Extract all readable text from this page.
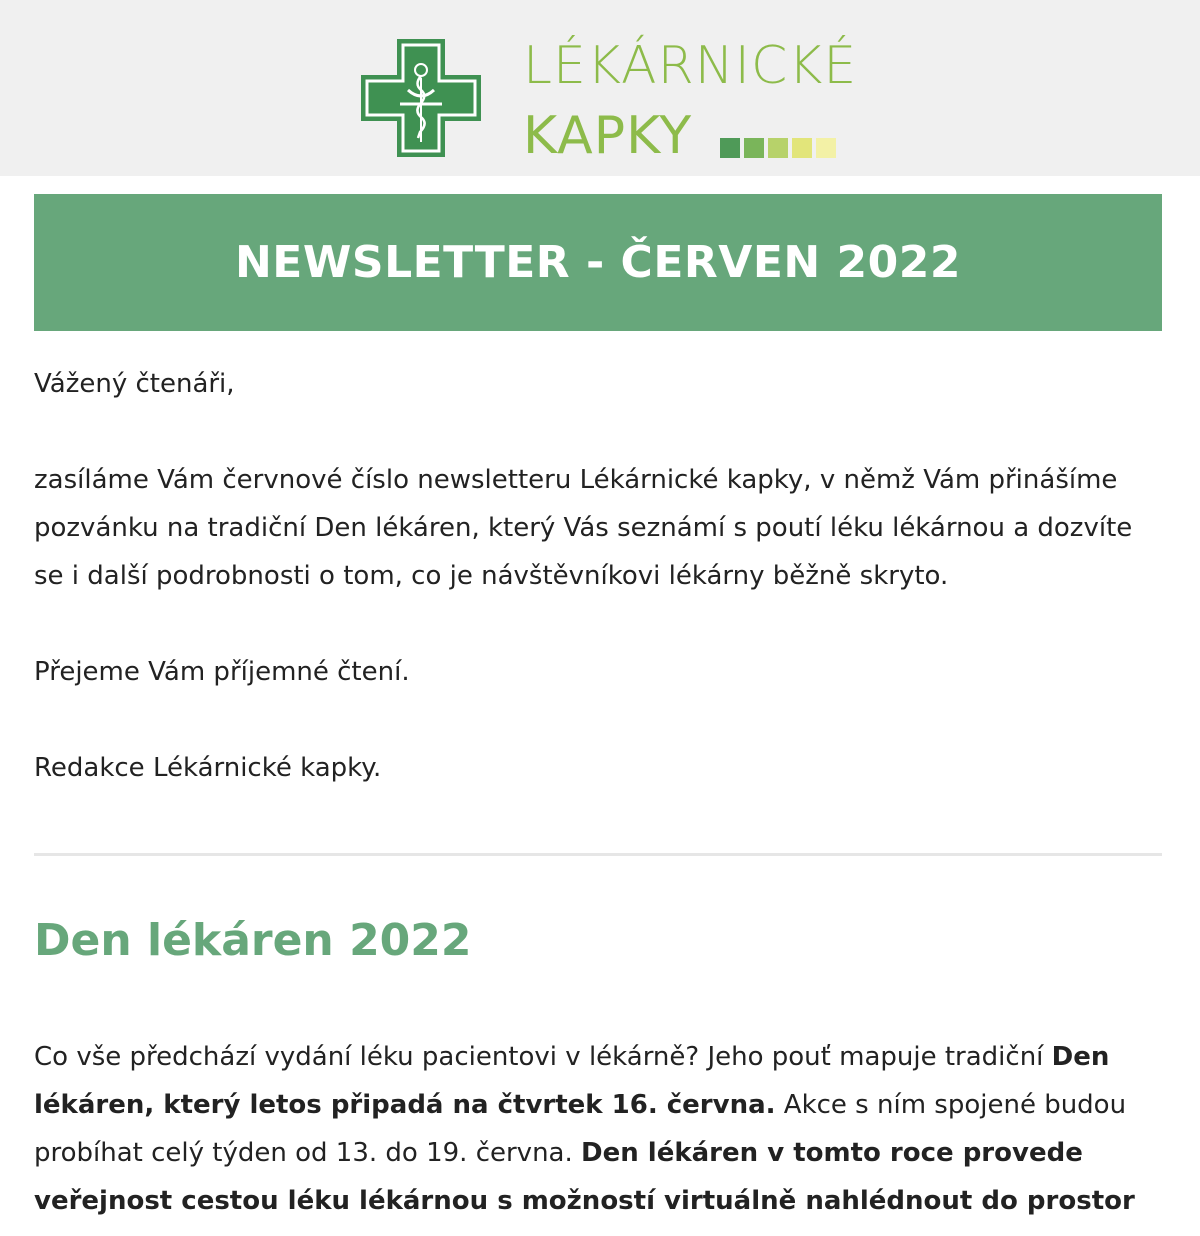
LÉKÁRNICKÉ
KAPKY
NEWSLETTER - ČERVEN 2022

Vážený čtenáři,

zasíláme Vám červnové číslo newsletteru Lékárnické kapky, v němž Vám přinášíme pozvánku na tradiční Den lékáren, který Vás seznámí s poutí léku lékárnou a dozvíte se i další podrobnosti o tom, co je návštěvníkovi lékárny běžně skryto.

Přejeme Vám příjemné čtení.

Redakce Lékárnické kapky.

Den lékáren 2022
Co vše předchází vydání léku pacientovi v lékárně? Jeho pouť mapuje tradiční Den lékáren, který letos připadá na čtvrtek 16. června. Akce s ním spojené budou probíhat celý týden od 13. do 19. června. Den lékáren v tomto roce provede veřejnost cestou léku lékárnou s možností virtuálně nahlédnout do prostor
